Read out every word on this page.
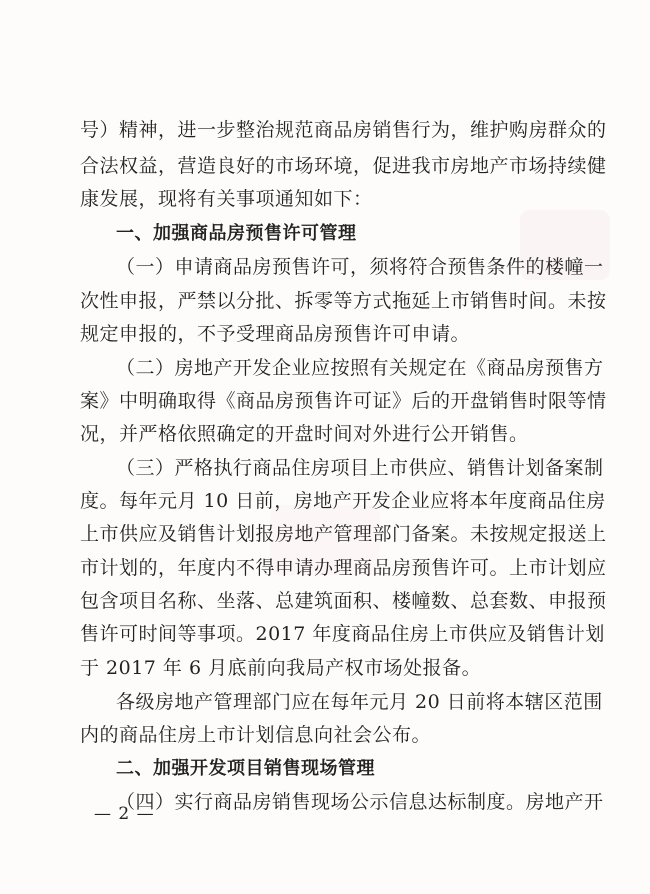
号）精神，进一步整治规范商品房销售行为，维护购房群众的
合法权益，营造良好的市场环境，促进我市房地产市场持续健
康发展，现将有关事项通知如下：
一、加强商品房预售许可管理
（一）申请商品房预售许可，须将符合预售条件的楼幢一
次性申报，严禁以分批、拆零等方式拖延上市销售时间。未按
规定申报的，不予受理商品房预售许可申请。
（二）房地产开发企业应按照有关规定在《商品房预售方
案》中明确取得《商品房预售许可证》后的开盘销售时限等情
况，并严格依照确定的开盘时间对外进行公开销售。
（三）严格执行商品住房项目上市供应、销售计划备案制
度。每年元月 10 日前，房地产开发企业应将本年度商品住房
上市供应及销售计划报房地产管理部门备案。未按规定报送上
市计划的，年度内不得申请办理商品房预售许可。上市计划应
包含项目名称、坐落、总建筑面积、楼幢数、总套数、申报预
售许可时间等事项。2017 年度商品住房上市供应及销售计划
于 2017 年 6 月底前向我局产权市场处报备。
各级房地产管理部门应在每年元月 20 日前将本辖区范围
内的商品住房上市计划信息向社会公布。
二、加强开发项目销售现场管理
（四）实行商品房销售现场公示信息达标制度。房地产开
— 2 —
